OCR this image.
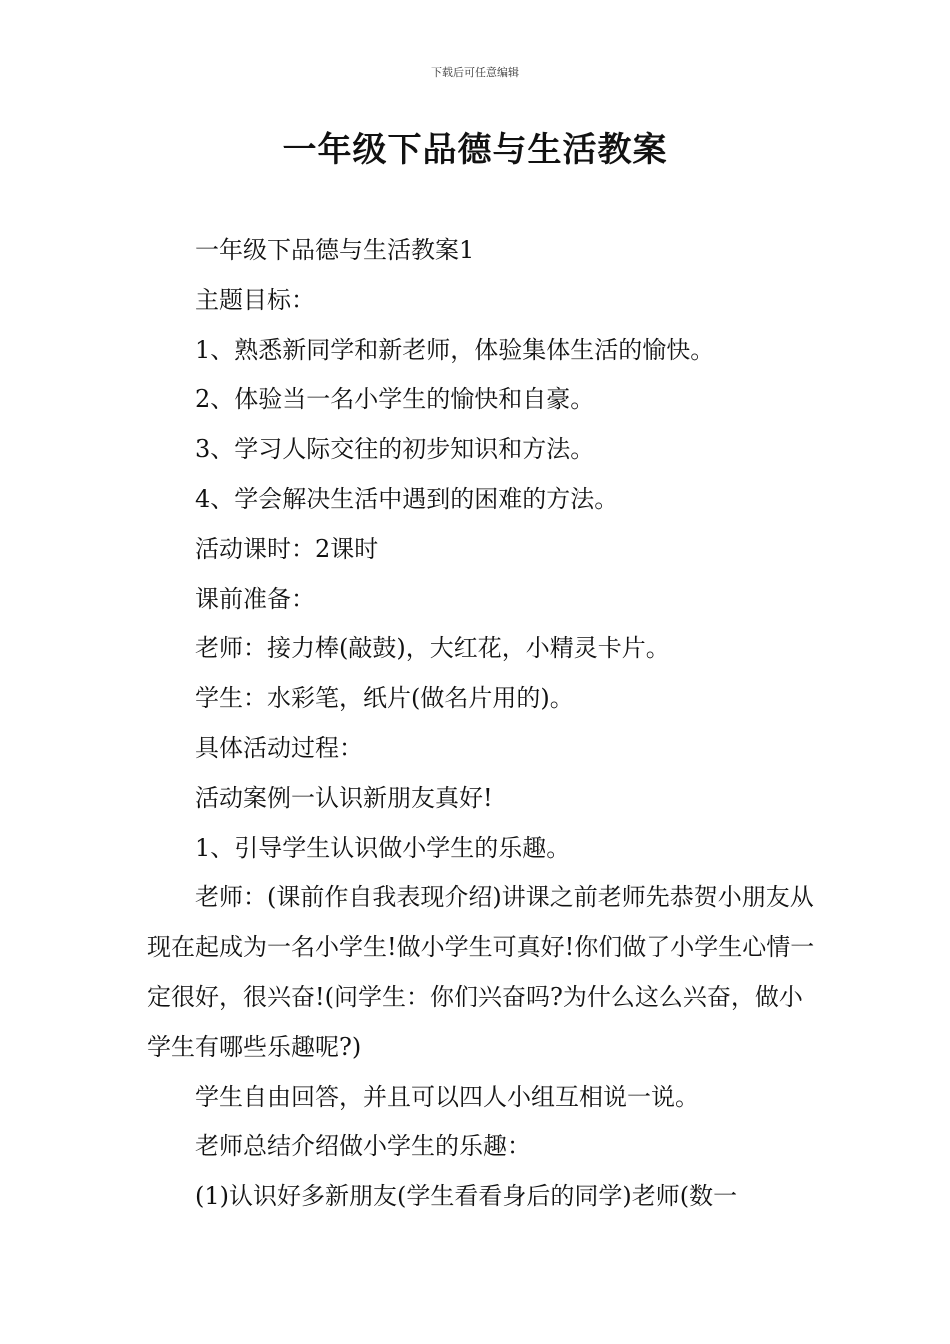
下载后可任意编辑
一年级下品德与生活教案

一年级下品德与生活教案1

主题目标：

1、熟悉新同学和新老师，体验集体生活的愉快。

2、体验当一名小学生的愉快和自豪。

3、学习人际交往的初步知识和方法。

4、学会解决生活中遇到的困难的方法。

活动课时：2课时

课前准备：

老师：接力棒(敲鼓)，大红花，小精灵卡片。

学生：水彩笔，纸片(做名片用的)。

具体活动过程：

活动案例一认识新朋友真好!

1、引导学生认识做小学生的乐趣。

老师：(课前作自我表现介绍)讲课之前老师先恭贺小朋友从现在起成为一名小学生!做小学生可真好!你们做了小学生心情一定很好，很兴奋!(问学生：你们兴奋吗?为什么这么兴奋，做小学生有哪些乐趣呢?)

学生自由回答，并且可以四人小组互相说一说。

老师总结介绍做小学生的乐趣：

(1)认识好多新朋友(学生看看身后的同学)老师(数一
